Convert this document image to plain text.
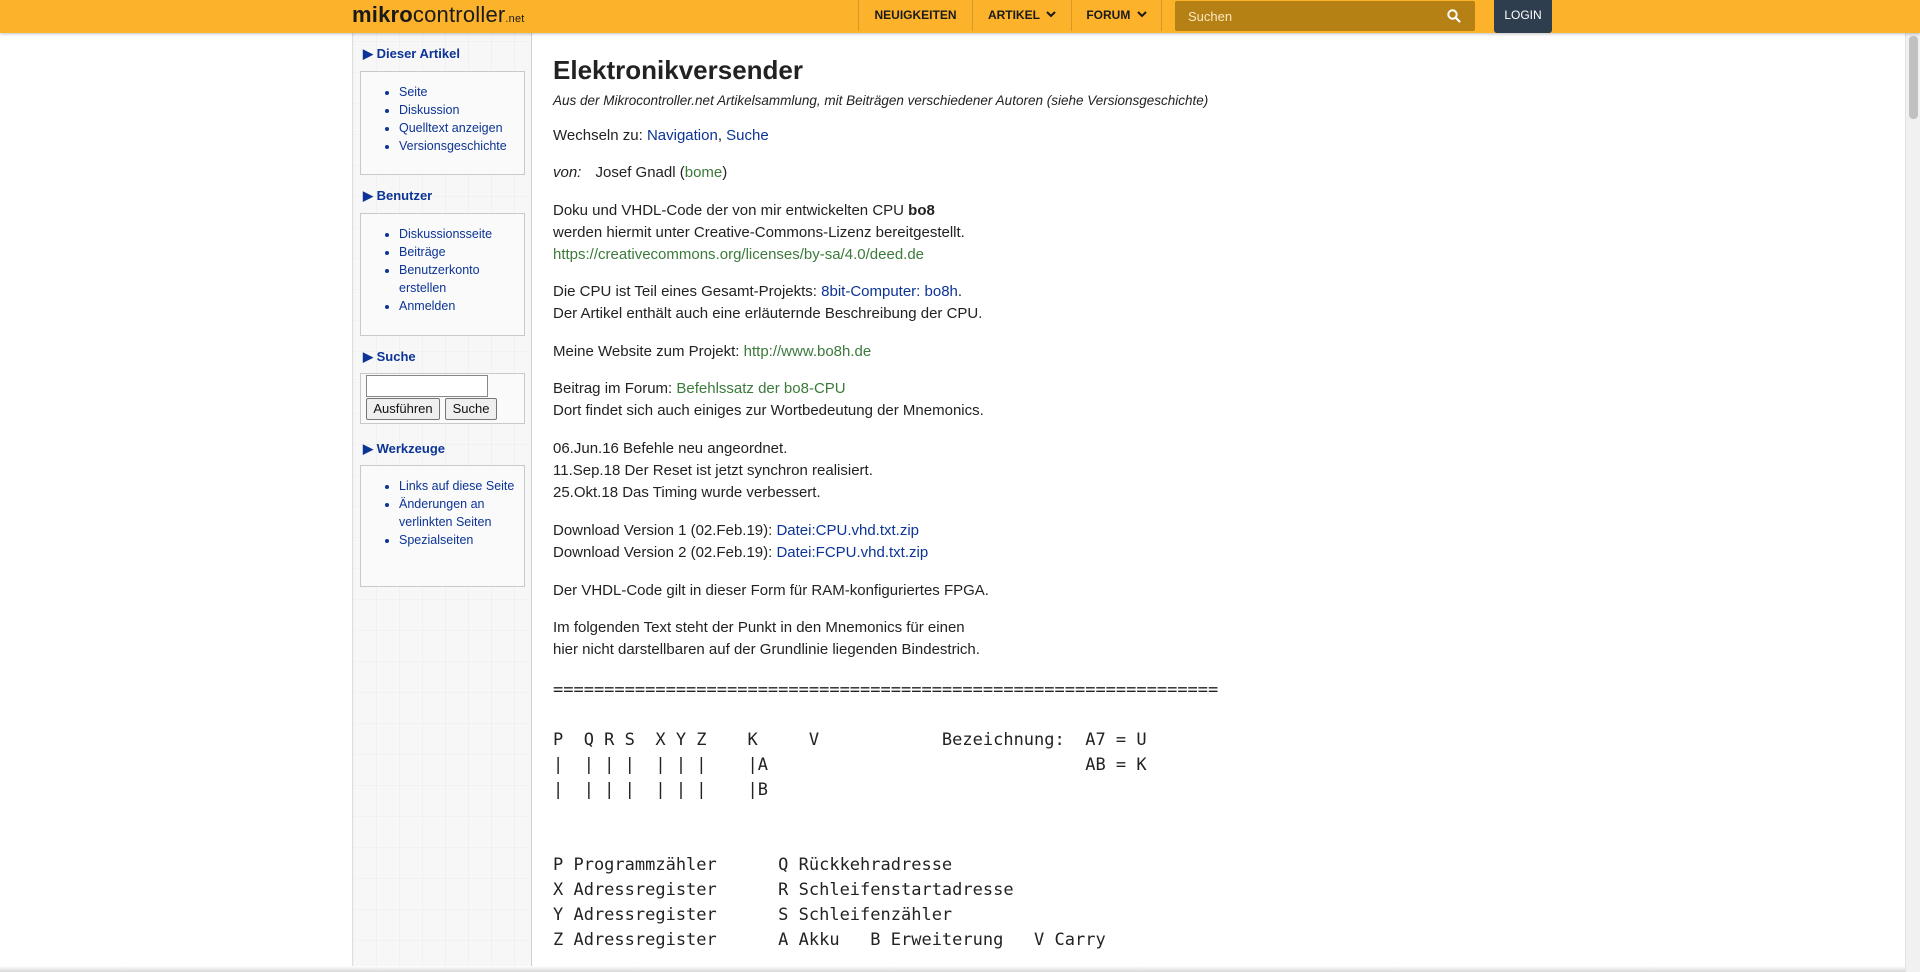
mikrocontroller.net	NEUIGKEITEN	ARTIKEL	FORUM
Suchen	LOGIN
▶ Dieser Artikel
• Seite
• Diskussion
• Quelltext anzeigen
• Versionsgeschichte
▶ Benutzer
• Diskussionsseite
• Beiträge
• Benutzerkonto erstellen
• Anmelden
▶ Suche
Ausführen	Suche
▶ Werkzeuge
• Links auf diese Seite
• Änderungen an verlinkten Seiten
• Spezialseiten
Elektronikversender
Aus der Mikrocontroller.net Artikelsammlung, mit Beiträgen verschiedener Autoren (siehe Versionsgeschichte)
Wechseln zu: Navigation, Suche
von: Josef Gnadl (bome)
Doku und VHDL-Code der von mir entwickelten CPU bo8
werden hiermit unter Creative-Commons-Lizenz bereitgestellt.
https://creativecommons.org/licenses/by-sa/4.0/deed.de
Die CPU ist Teil eines Gesamt-Projekts: 8bit-Computer: bo8h.
Der Artikel enthält auch eine erläuternde Beschreibung der CPU.
Meine Website zum Projekt: http://www.bo8h.de
Beitrag im Forum: Befehlssatz der bo8-CPU
Dort findet sich auch einiges zur Wortbedeutung der Mnemonics.
06.Jun.16 Befehle neu angeordnet.
11.Sep.18 Der Reset ist jetzt synchron realisiert.
25.Okt.18 Das Timing wurde verbessert.
Download Version 1 (02.Feb.19): Datei:CPU.vhd.txt.zip
Download Version 2 (02.Feb.19): Datei:FCPU.vhd.txt.zip
Der VHDL-Code gilt in dieser Form für RAM-konfiguriertes FPGA.
Im folgenden Text steht der Punkt in den Mnemonics für einen
hier nicht darstellbaren auf der Grundlinie liegenden Bindestrich.
=================================================================
P  Q R S  X Y Z    K     V            Bezeichnung:  A7 = U
|  | | |  | | |    |A                               AB = K
|  | | |  | | |    |B
P Programmzähler      Q Rückkehradresse
X Adressregister      R Schleifenstartadresse
Y Adressregister      S Schleifenzähler
Z Adressregister      A Akku   B Erweiterung   V Carry
